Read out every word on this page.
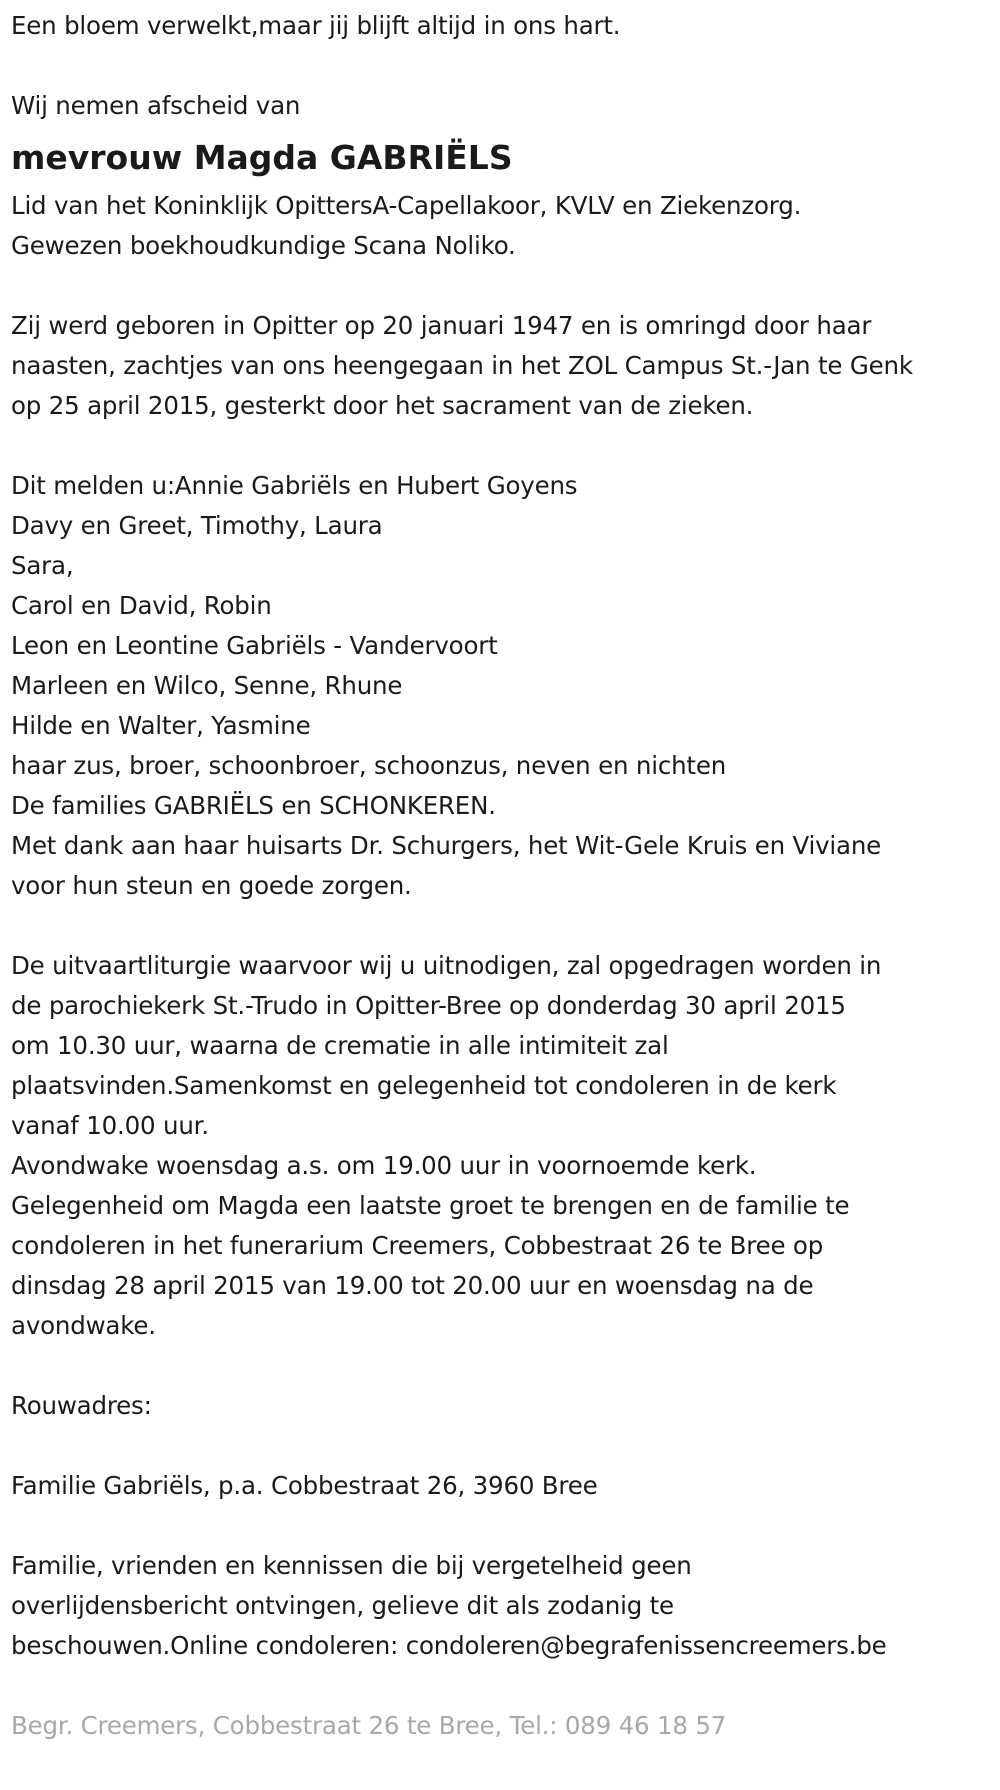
Een bloem verwelkt,maar jij blijft altijd in ons hart.
Wij nemen afscheid van
mevrouw Magda GABRIËLS
Lid van het Koninklijk OpittersA-Capellakoor, KVLV en Ziekenzorg.
Gewezen boekhoudkundige Scana Noliko.
Zij werd geboren in Opitter op 20 januari 1947 en is omringd door haar
naasten, zachtjes van ons heengegaan in het ZOL Campus St.-Jan te Genk
op 25 april 2015, gesterkt door het sacrament van de zieken.
Dit melden u:Annie Gabriëls en Hubert Goyens
Davy en Greet, Timothy, Laura
Sara,
Carol en David, Robin
Leon en Leontine Gabriëls - Vandervoort
Marleen en Wilco, Senne, Rhune
Hilde en Walter, Yasmine
haar zus, broer, schoonbroer, schoonzus, neven en nichten
De families GABRIËLS en SCHONKEREN.
Met dank aan haar huisarts Dr. Schurgers, het Wit-Gele Kruis en Viviane
voor hun steun en goede zorgen.
De uitvaartliturgie waarvoor wij u uitnodigen, zal opgedragen worden in
de parochiekerk St.-Trudo in Opitter-Bree op donderdag 30 april 2015
om 10.30 uur, waarna de crematie in alle intimiteit zal
plaatsvinden.Samenkomst en gelegenheid tot condoleren in de kerk
vanaf 10.00 uur.
Avondwake woensdag a.s. om 19.00 uur in voornoemde kerk.
Gelegenheid om Magda een laatste groet te brengen en de familie te
condoleren in het funerarium Creemers, Cobbestraat 26 te Bree op
dinsdag 28 april 2015 van 19.00 tot 20.00 uur en woensdag na de
avondwake.
Rouwadres:
Familie Gabriëls, p.a. Cobbestraat 26, 3960 Bree
Familie, vrienden en kennissen die bij vergetelheid geen
overlijdensbericht ontvingen, gelieve dit als zodanig te
beschouwen.Online condoleren: condoleren@begrafenissencreemers.be
Begr. Creemers, Cobbestraat 26 te Bree, Tel.: 089 46 18 57
